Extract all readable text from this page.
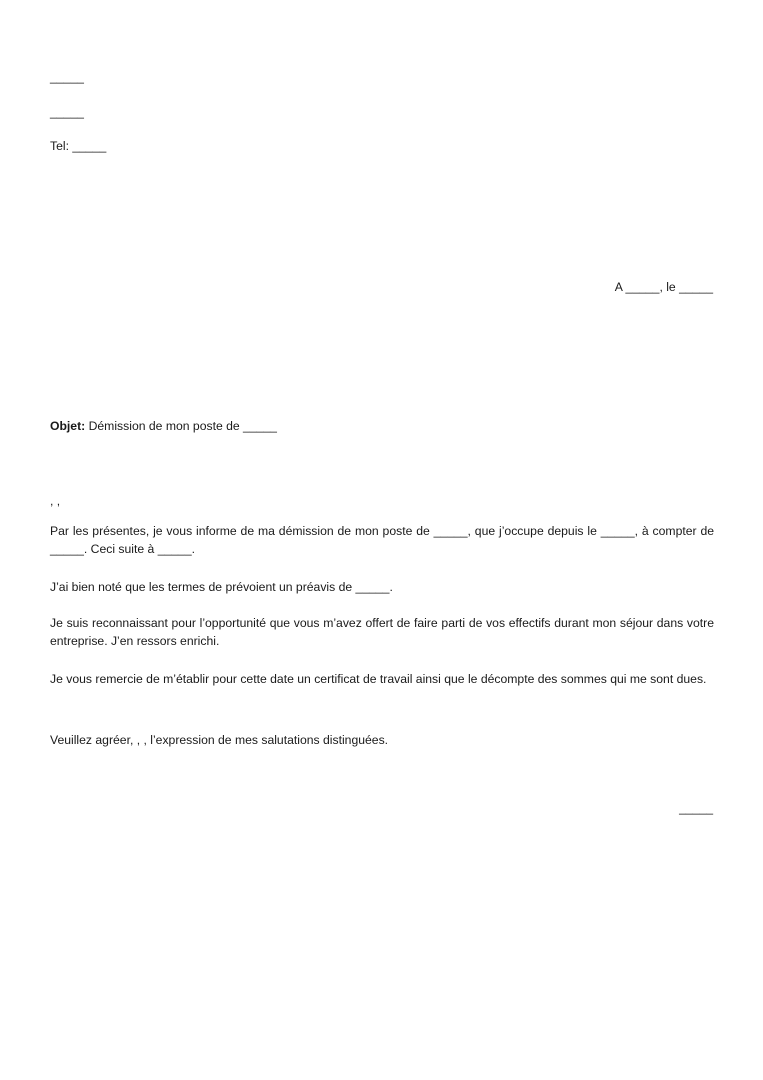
_____
_____
Tel: _____
A _____, le _____
Objet: Démission de mon poste de _____
, ,
Par les présentes, je vous informe de ma démission de mon poste de _____, que j’occupe depuis le _____, à compter de _____. Ceci suite à _____.
J’ai bien noté que les termes de prévoient un préavis de _____.
Je suis reconnaissant pour l’opportunité que vous m’avez offert de faire parti de vos effectifs durant mon séjour dans votre entreprise. J’en ressors enrichi.
Je vous remercie de m’établir pour cette date un certificat de travail ainsi que le décompte des sommes qui me sont dues.
Veuillez agréer, , , l’expression de mes salutations distinguées.
_____
